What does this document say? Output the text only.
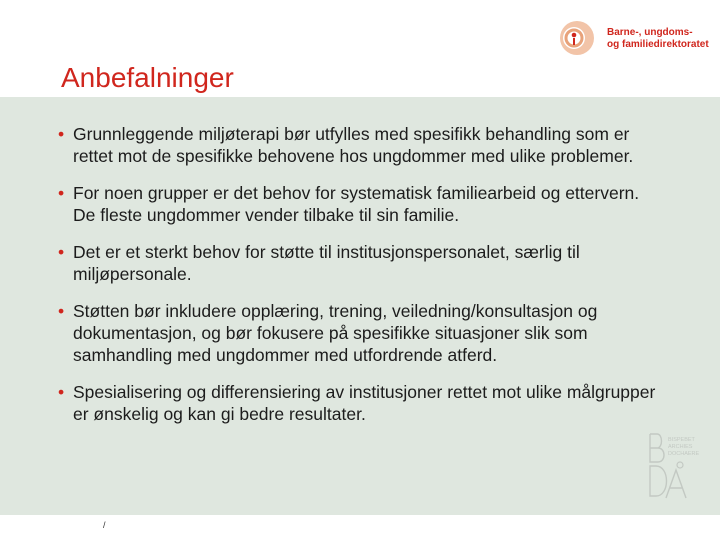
Anbefalninger
Barne-, ungdoms-
og familiedirektoratet
• Grunnleggende miljøterapi bør utfylles med spesifikk behandling som er rettet mot de spesifikke behovene hos ungdommer med ulike problemer.
• For noen grupper er det behov for systematisk familiearbeid og ettervern. De fleste ungdommer vender tilbake til sin familie.
• Det er et sterkt behov for støtte til institusjonspersonalet, særlig til miljøpersonale.
• Støtten bør inkludere opplæring, trening, veiledning/konsultasjon og dokumentasjon, og bør fokusere på spesifikke situasjoner slik som samhandling med ungdommer med utfordrende atferd.
• Spesialisering og differensiering av institusjoner rettet mot ulike målgrupper er ønskelig og kan gi bedre resultater.
BISPEBET
ARCHIES
DOCHAERE
/
